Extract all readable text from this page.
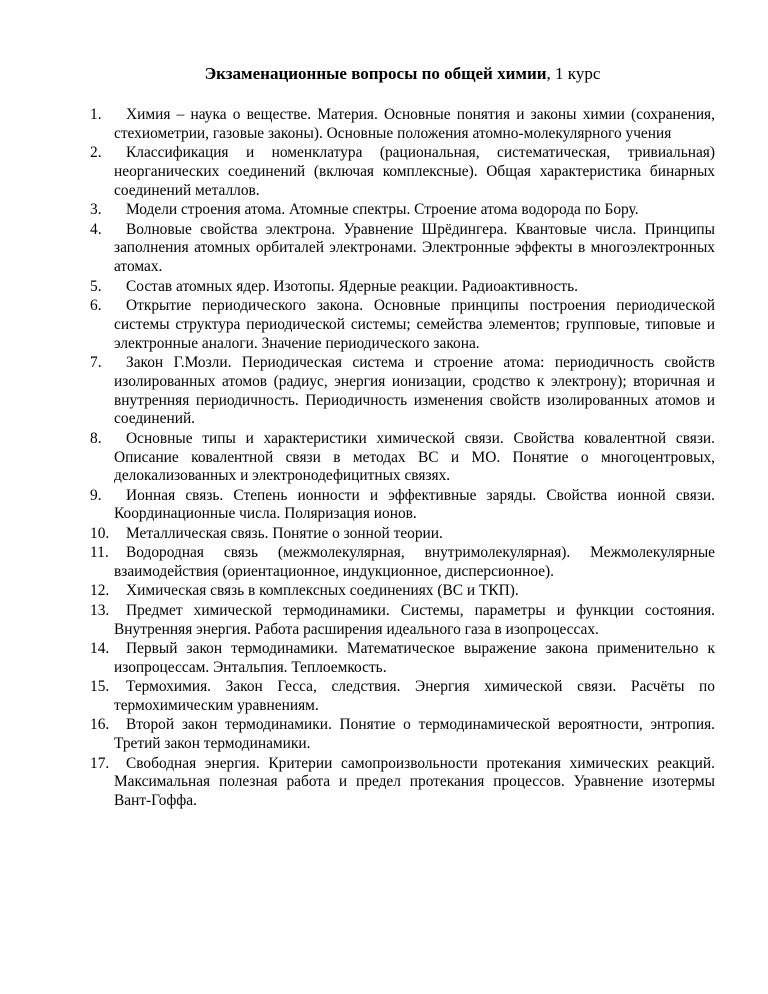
Экзаменационные вопросы по общей химии, 1 курс
1. Химия – наука о веществе. Материя. Основные понятия и законы химии (сохранения, стехиометрии, газовые законы). Основные положения атомно-молекулярного учения
2. Классификация и номенклатура (рациональная, систематическая, тривиальная) неорганических соединений (включая комплексные). Общая характеристика бинарных соединений металлов.
3. Модели строения атома. Атомные спектры. Строение атома водорода по Бору.
4. Волновые свойства электрона. Уравнение Шрёдингера. Квантовые числа. Принципы заполнения атомных орбиталей электронами. Электронные эффекты в многоэлектронных атомах.
5. Состав атомных ядер. Изотопы. Ядерные реакции. Радиоактивность.
6. Открытие периодического закона. Основные принципы построения периодической системы структура периодической системы; семейства элементов; групповые, типовые и электронные аналоги. Значение периодического закона.
7. Закон Г.Мозли. Периодическая система и строение атома: периодичность свойств изолированных атомов (радиус, энергия ионизации, сродство к электрону); вторичная и внутренняя периодичность. Периодичность изменения свойств изолированных атомов и соединений.
8. Основные типы и характеристики химической связи. Свойства ковалентной связи. Описание ковалентной связи в методах ВС и МО. Понятие о многоцентровых, делокализованных и электронодефицитных связях.
9. Ионная связь. Степень ионности и эффективные заряды. Свойства ионной связи. Координационные числа. Поляризация ионов.
10. Металлическая связь. Понятие о зонной теории.
11. Водородная связь (межмолекулярная, внутримолекулярная). Межмолекулярные взаимодействия (ориентационное, индукционное, дисперсионное).
12. Химическая связь в комплексных соединениях (ВС и ТКП).
13. Предмет химической термодинамики. Системы, параметры и функции состояния. Внутренняя энергия. Работа расширения идеального газа в изопроцессах.
14. Первый закон термодинамики. Математическое выражение закона применительно к изопроцессам. Энтальпия. Теплоемкость.
15. Термохимия. Закон Гесса, следствия. Энергия химической связи. Расчёты по термохимическим уравнениям.
16. Второй закон термодинамики. Понятие о термодинамической вероятности, энтропия. Третий закон термодинамики.
17. Свободная энергия. Критерии самопроизвольности протекания химических реакций. Максимальная полезная работа и предел протекания процессов. Уравнение изотермы Вант-Гоффа.
